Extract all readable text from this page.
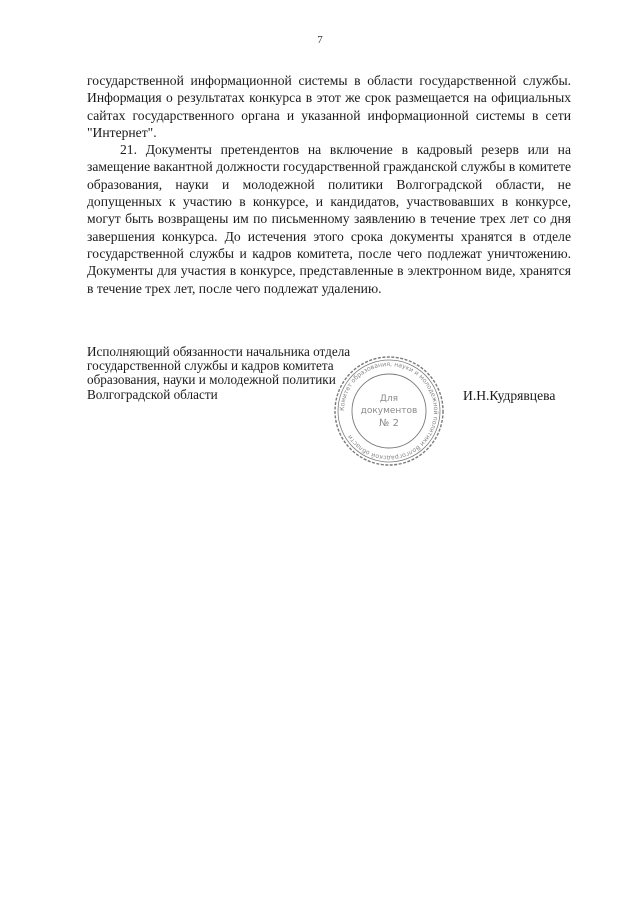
7

государственной информационной системы в области государственной службы. Информация о результатах конкурса в этот же срок размещается на официальных сайтах государственного органа и указанной информационной системы в сети "Интернет".

21. Документы претендентов на включение в кадровый резерв или на замещение вакантной должности государственной гражданской службы в комитете образования, науки и молодежной политики Волгоградской области, не допущенных к участию в конкурсе, и кандидатов, участвовавших в конкурсе, могут быть возвращены им по письменному заявлению в течение трех лет со дня завершения конкурса. До истечения этого срока документы хранятся в отделе государственной службы и кадров комитета, после чего подлежат уничтожению. Документы для участия в конкурсе, представленные в электронном виде, хранятся в течение трех лет, после чего подлежат удалению.

Исполняющий обязанности начальника отдела
государственной службы и кадров комитета
образования, науки и молодежной политики
Волгоградской области
Комитет образования, науки и молодежной политики Волгоградской области
Для
документов
№ 2
И.Н.Кудрявцева
